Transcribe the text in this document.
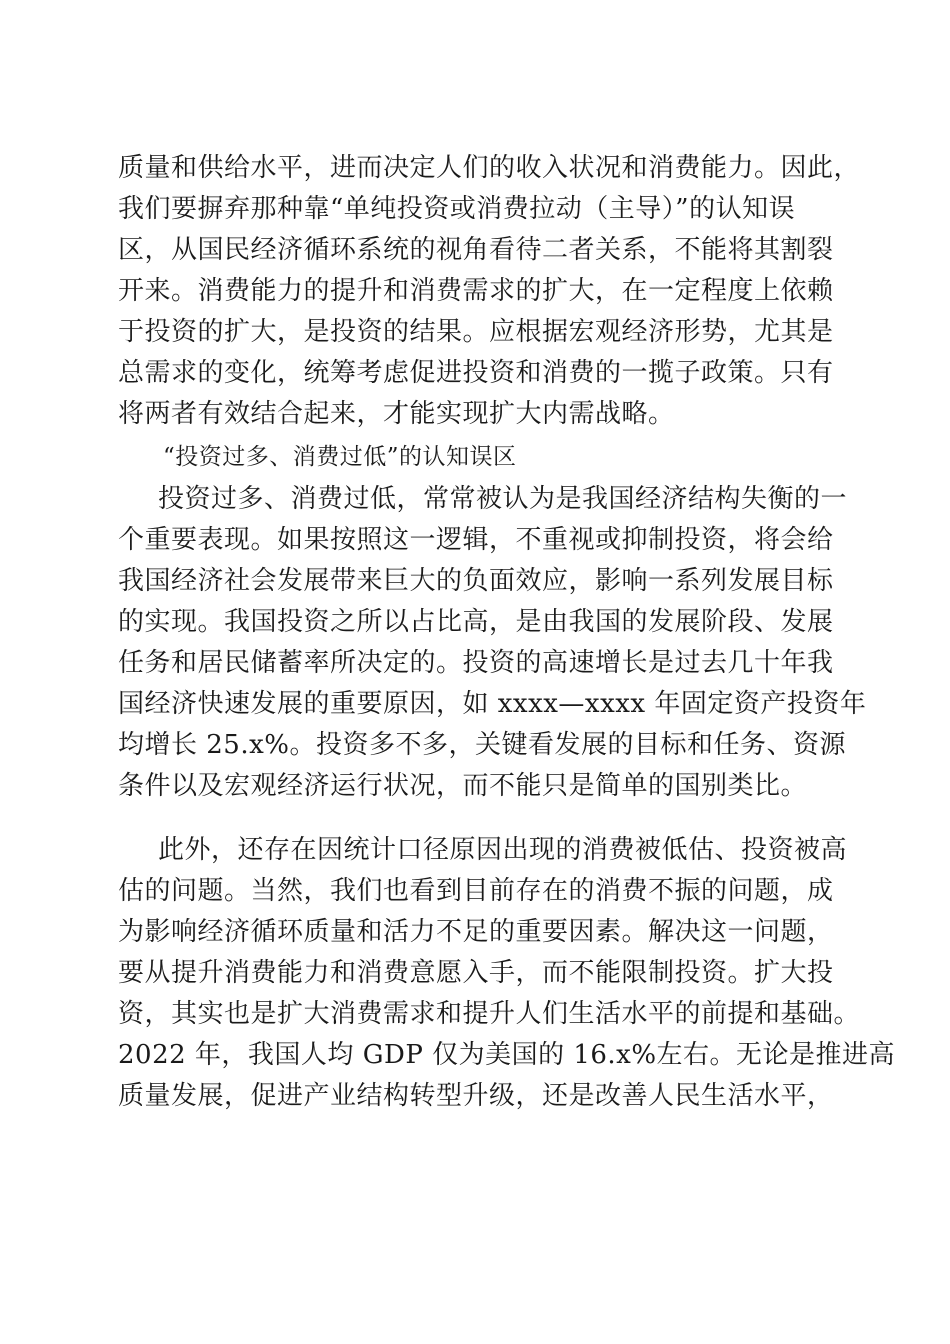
质量和供给水平，进而决定人们的收入状况和消费能力。因此，
我们要摒弃那种靠“单纯投资或消费拉动（主导）”的认知误
区，从国民经济循环系统的视角看待二者关系，不能将其割裂
开来。消费能力的提升和消费需求的扩大，在一定程度上依赖
于投资的扩大，是投资的结果。应根据宏观经济形势，尤其是
总需求的变化，统筹考虑促进投资和消费的一揽子政策。只有
将两者有效结合起来，才能实现扩大内需战略。
“投资过多、消费过低”的认知误区
投资过多、消费过低，常常被认为是我国经济结构失衡的一
个重要表现。如果按照这一逻辑，不重视或抑制投资，将会给
我国经济社会发展带来巨大的负面效应，影响一系列发展目标
的实现。我国投资之所以占比高，是由我国的发展阶段、发展
任务和居民储蓄率所决定的。投资的高速增长是过去几十年我
国经济快速发展的重要原因，如 xxxx—xxxx 年固定资产投资年
均增长 25.x%。投资多不多，关键看发展的目标和任务、资源
条件以及宏观经济运行状况，而不能只是简单的国别类比。
此外，还存在因统计口径原因出现的消费被低估、投资被高
估的问题。当然，我们也看到目前存在的消费不振的问题，成
为影响经济循环质量和活力不足的重要因素。解决这一问题，
要从提升消费能力和消费意愿入手，而不能限制投资。扩大投
资，其实也是扩大消费需求和提升人们生活水平的前提和基础。
2022 年，我国人均 GDP 仅为美国的 16.x%左右。无论是推进高
质量发展，促进产业结构转型升级，还是改善人民生活水平，
